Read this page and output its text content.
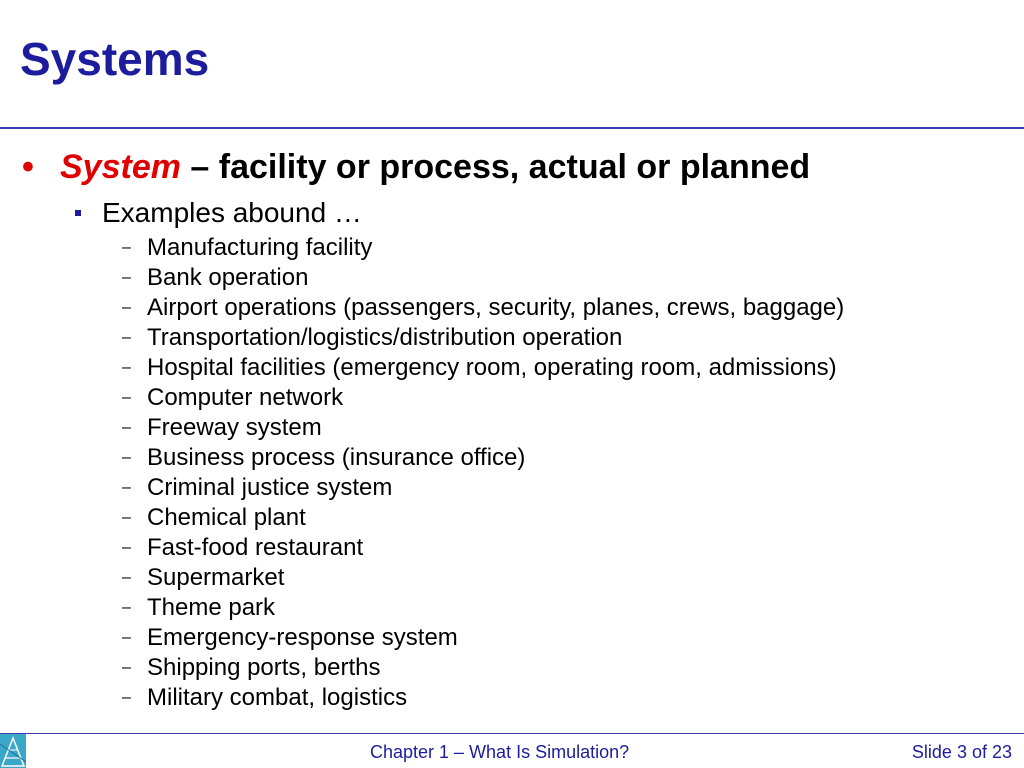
Systems
• System – facility or process, actual or planned
Examples abound …
– Manufacturing facility
– Bank operation
– Airport operations (passengers, security, planes, crews, baggage)
– Transportation/logistics/distribution operation
– Hospital facilities (emergency room, operating room, admissions)
– Computer network
– Freeway system
– Business process (insurance office)
– Criminal justice system
– Chemical plant
– Fast-food restaurant
– Supermarket
– Theme park
– Emergency-response system
– Shipping ports, berths
– Military combat, logistics
Chapter 1 – What Is Simulation?	Slide 3 of 23
